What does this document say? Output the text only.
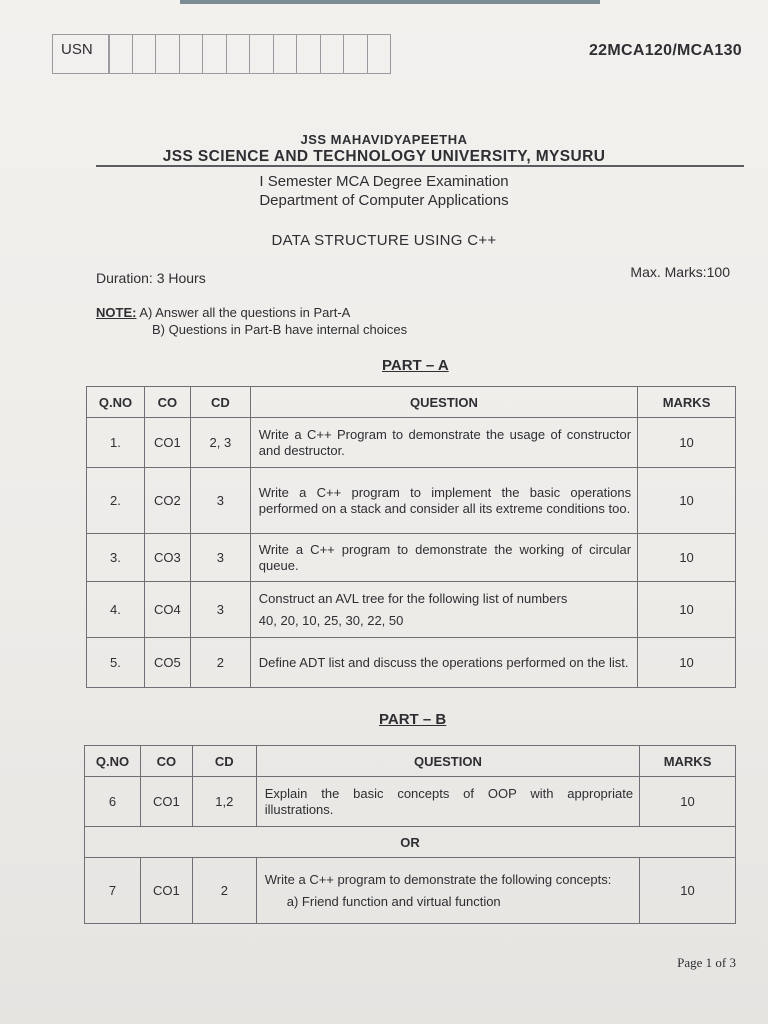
USN	22MCA120/MCA130
JSS MAHAVIDYAPEETHA
JSS SCIENCE AND TECHNOLOGY UNIVERSITY, MYSURU
I Semester MCA Degree Examination
Department of Computer Applications
DATA STRUCTURE USING C++
Duration: 3 Hours	Max. Marks:100
NOTE: A) Answer all the questions in Part-A
B) Questions in Part-B have internal choices
PART – A
Q.NO	CO	CD	QUESTION	MARKS
1.	CO1	2, 3	Write a C++ Program to demonstrate the usage of constructor and destructor.	10
2.	CO2	3	Write a C++ program to implement the basic operations performed on a stack and consider all its extreme conditions too.	10
3.	CO3	3	Write a C++ program to demonstrate the working of circular queue.	10
4.	CO4	3	Construct an AVL tree for the following list of numbers
40, 20, 10, 25, 30, 22, 50	10
5.	CO5	2	Define ADT list and discuss the operations performed on the list.	10
PART – B
Q.NO	CO	CD	QUESTION	MARKS
6	CO1	1,2	Explain the basic concepts of OOP with appropriate illustrations.	10
OR				
7	CO1	2	Write a C++ program to demonstrate the following concepts:
a) Friend function and virtual function	10
Page 1 of 3
